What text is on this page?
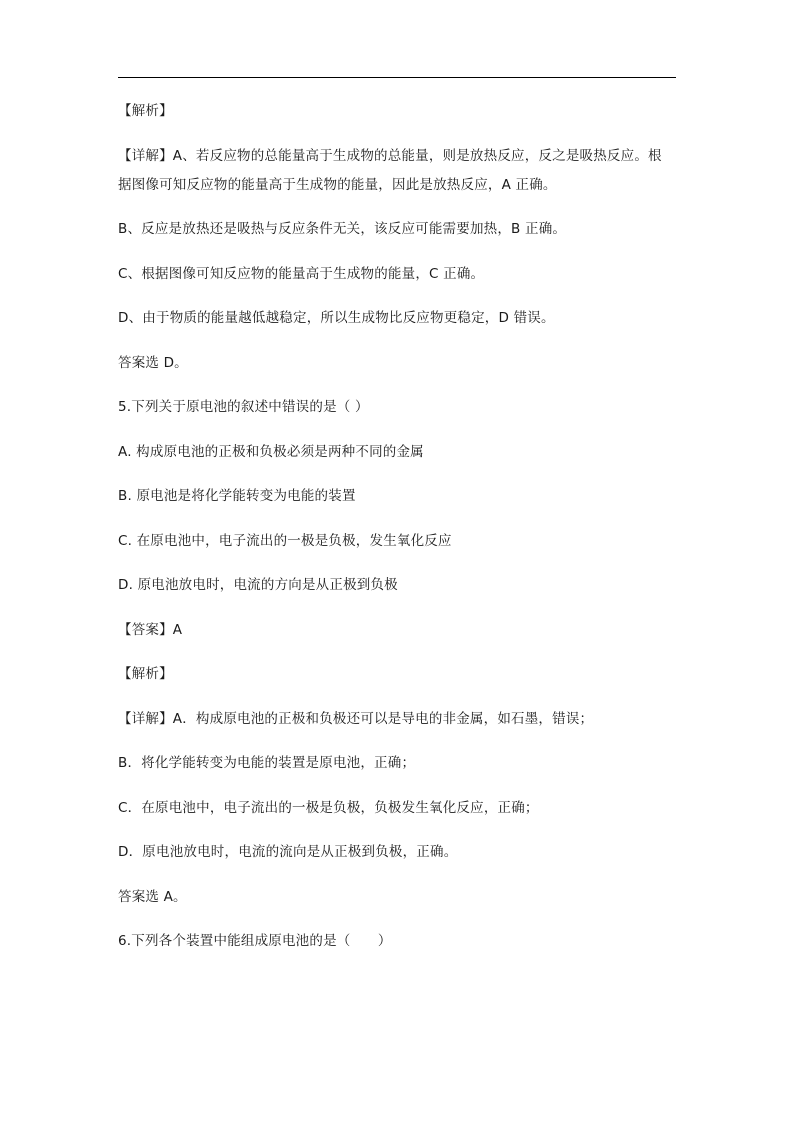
【解析】
【详解】A、若反应物的总能量高于生成物的总能量，则是放热反应，反之是吸热反应。根
据图像可知反应物的能量高于生成物的能量，因此是放热反应，A 正确。
B、反应是放热还是吸热与反应条件无关，该反应可能需要加热，B 正确。
C、根据图像可知反应物的能量高于生成物的能量，C 正确。
D、由于物质的能量越低越稳定，所以生成物比反应物更稳定，D 错误。
答案选 D。
5.下列关于原电池的叙述中错误的是（ ）
A. 构成原电池的正极和负极必须是两种不同的金属
B. 原电池是将化学能转变为电能的装置
C. 在原电池中，电子流出的一极是负极，发生氧化反应
D. 原电池放电时，电流的方向是从正极到负极
【答案】A
【解析】
【详解】A．构成原电池的正极和负极还可以是导电的非金属，如石墨，错误；
B．将化学能转变为电能的装置是原电池，正确；
C．在原电池中，电子流出的一极是负极，负极发生氧化反应，正确；
D．原电池放电时，电流的流向是从正极到负极，正确。
答案选 A。
6.下列各个装置中能组成原电池的是（　　）
